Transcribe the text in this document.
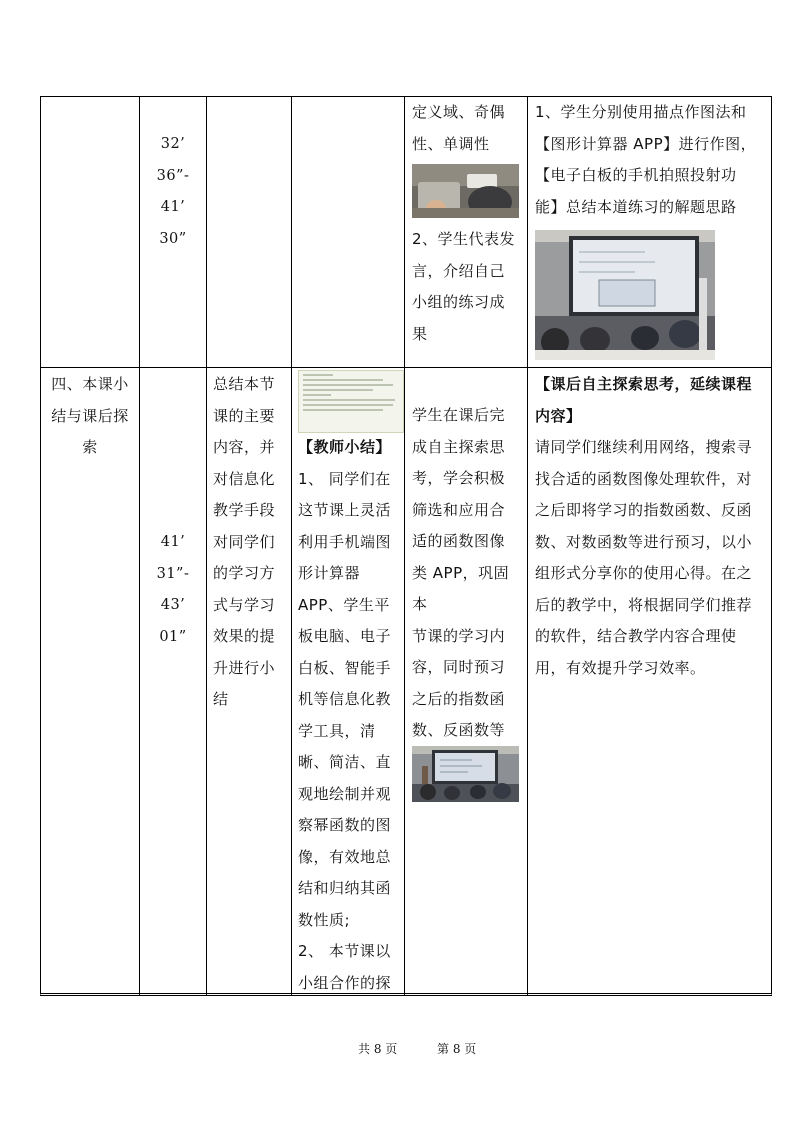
32’
36”-
41’
30”
定义域、奇偶
性、单调性
2、学生代表发
言，介绍自己
小组的练习成
果
1、学生分别使用描点作图法和
【图形计算器 APP】进行作图，
【电子白板的手机拍照投射功
能】总结本道练习的解题思路
四、本课小
结与课后探
索
41’
31”-
43’
01”
总结本节
课的主要
内容，并
对信息化
教学手段
对同学们
的学习方
式与学习
效果的提
升进行小
结
【教师小结】
1、 同学们在
这节课上灵活
利用手机端图
形计算器
APP、学生平
板电脑、电子
白板、智能手
机等信息化教
学工具，清
晰、简洁、直
观地绘制并观
察幂函数的图
像，有效地总
结和归纳其函
数性质;
2、 本节课以
小组合作的探
学生在课后完
成自主探索思
考，学会积极
筛选和应用合
适的函数图像
类 APP，巩固本
节课的学习内
容，同时预习
之后的指数函
数、反函数等
【课后自主探索思考，延续课程
内容】
请同学们继续利用网络，搜索寻
找合适的函数图像处理软件，对
之后即将学习的指数函数、反函
数、对数函数等进行预习，以小
组形式分享你的使用心得。在之
后的教学中，将根据同学们推荐
的软件，结合教学内容合理使
用，有效提升学习效率。
共 8 页	第 8 页
